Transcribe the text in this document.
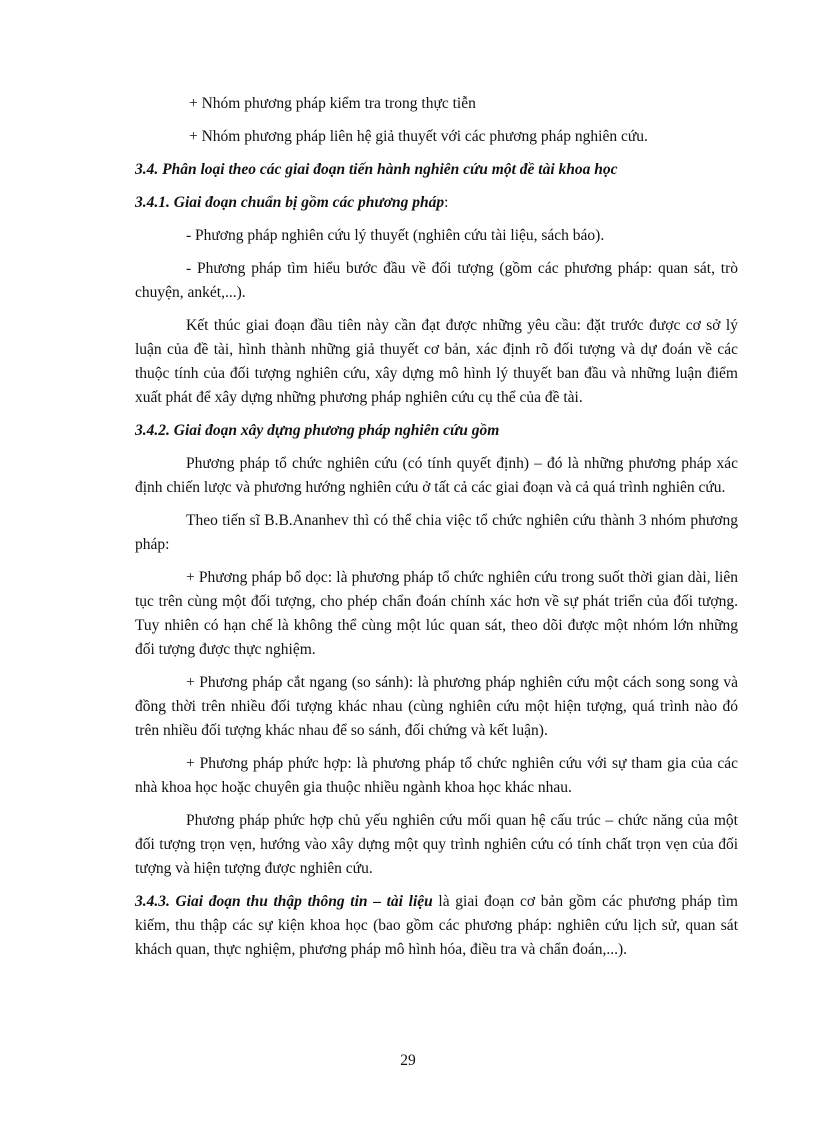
+ Nhóm phương pháp kiểm tra trong thực tiễn

+ Nhóm phương pháp liên hệ giả thuyết với các phương pháp nghiên cứu.

3.4. Phân loại theo các giai đoạn tiến hành nghiên cứu một đề tài khoa học
3.4.1. Giai đoạn chuẩn bị gồm các phương pháp:

- Phương pháp nghiên cứu lý thuyết (nghiên cứu tài liệu, sách báo).

- Phương pháp tìm hiểu bước đầu về đối tượng (gồm các phương pháp: quan sát, trò chuyện, ankét,...).

Kết thúc giai đoạn đầu tiên này cần đạt được những yêu cầu: đặt trước được cơ sở lý luận của đề tài, hình thành những giả thuyết cơ bản, xác định rõ đối tượng và dự đoán về các thuộc tính của đối tượng nghiên cứu, xây dựng mô hình lý thuyết ban đầu và những luận điểm xuất phát để xây dựng những phương pháp nghiên cứu cụ thể của đề tài.

3.4.2. Giai đoạn xây dựng phương pháp nghiên cứu gồm

Phương pháp tổ chức nghiên cứu (có tính quyết định) – đó là những phương pháp xác định chiến lược và phương hướng nghiên cứu ở tất cả các giai đoạn và cả quá trình nghiên cứu.

Theo tiến sĩ B.B.Ananhev thì có thể chia việc tổ chức nghiên cứu thành 3 nhóm phương pháp:

+ Phương pháp bổ dọc: là phương pháp tổ chức nghiên cứu trong suốt thời gian dài, liên tục trên cùng một đối tượng, cho phép chẩn đoán chính xác hơn về sự phát triển của đối tượng. Tuy nhiên có hạn chế là không thể cùng một lúc quan sát, theo dõi được một nhóm lớn những đối tượng được thực nghiệm.

+ Phương pháp cắt ngang (so sánh): là phương pháp nghiên cứu một cách song song và đồng thời trên nhiều đối tượng khác nhau (cùng nghiên cứu một hiện tượng, quá trình nào đó trên nhiều đối tượng khác nhau để so sánh, đối chứng và kết luận).

+ Phương pháp phức hợp: là phương pháp tổ chức nghiên cứu với sự tham gia của các nhà khoa học hoặc chuyên gia thuộc nhiều ngành khoa học khác nhau.

Phương pháp phức hợp chủ yếu nghiên cứu mối quan hệ cấu trúc – chức năng của một đối tượng trọn vẹn, hướng vào xây dựng một quy trình nghiên cứu có tính chất trọn vẹn của đối tượng và hiện tượng được nghiên cứu.

3.4.3. Giai đoạn thu thập thông tin – tài liệu là giai đoạn cơ bản gồm các phương pháp tìm kiếm, thu thập các sự kiện khoa học (bao gồm các phương pháp: nghiên cứu lịch sử, quan sát khách quan, thực nghiệm, phương pháp mô hình hóa, điều tra và chẩn đoán,...).

29
